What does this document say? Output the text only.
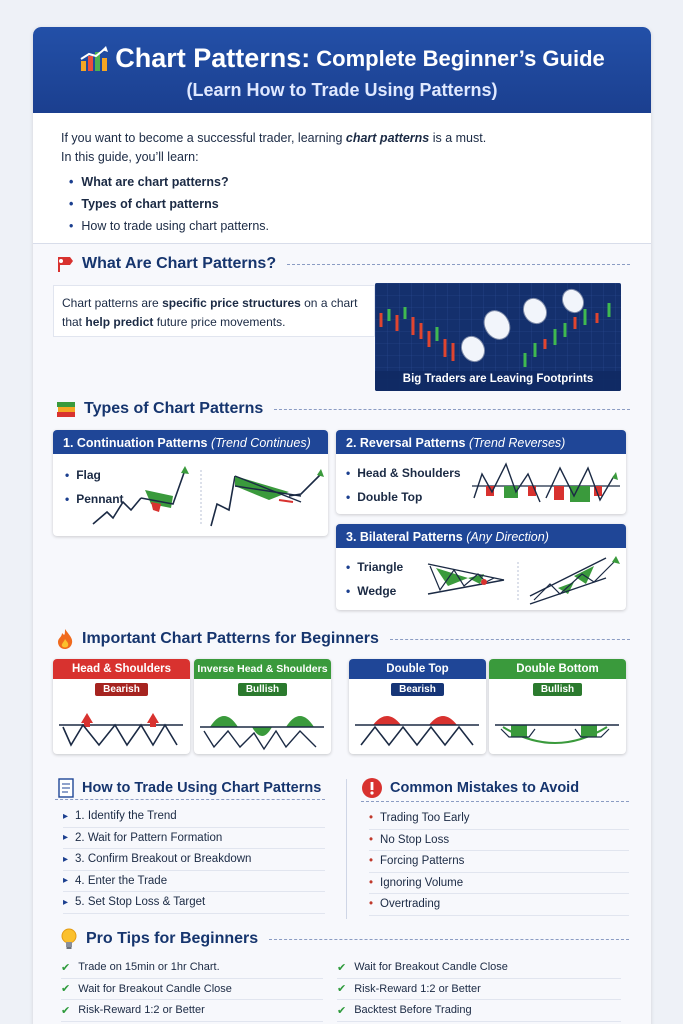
Chart Patterns: Complete Beginner’s Guide
(Learn How to Trade Using Patterns)
If you want to become a successful trader, learning chart patterns is a must.
In this guide, you’ll learn:
• What are chart patterns?
• Types of chart patterns
• How to trade using chart patterns.
What Are Chart Patterns?
Chart patterns are specific price structures on a chart that help predict future price movements.
Big Traders are Leaving Footprints
Types of Chart Patterns
1. Continuation Patterns (Trend Continues)
• Flag
• Pennant
2. Reversal Patterns (Trend Reverses)
• Head & Shoulders
• Double Top
3. Bilateral Patterns (Any Direction)
• Triangle
• Wedge
Important Chart Patterns for Beginners
Head & Shoulders
Bearish
Inverse Head & Shoulders
Bullish
Double Top
Bearish
Double Bottom
Bullish
How to Trade Using Chart Patterns
▸ 1. Identify the Trend
▸ 2. Wait for Pattern Formation
▸ 3. Confirm Breakout or Breakdown
▸ 4. Enter the Trade
▸ 5. Set Stop Loss & Target
Common Mistakes to Avoid
• Trading Too Early
• No Stop Loss
• Forcing Patterns
• Ignoring Volume
• Overtrading
Pro Tips for Beginners
✔ Trade on 15min or 1hr Chart.
✔ Wait for Breakout Candle Close
✔ Risk-Reward 1:2 or Better
✔ Wait for Breakout Candle Close
✔ Risk-Reward 1:2 or Better
✔ Backtest Before Trading
